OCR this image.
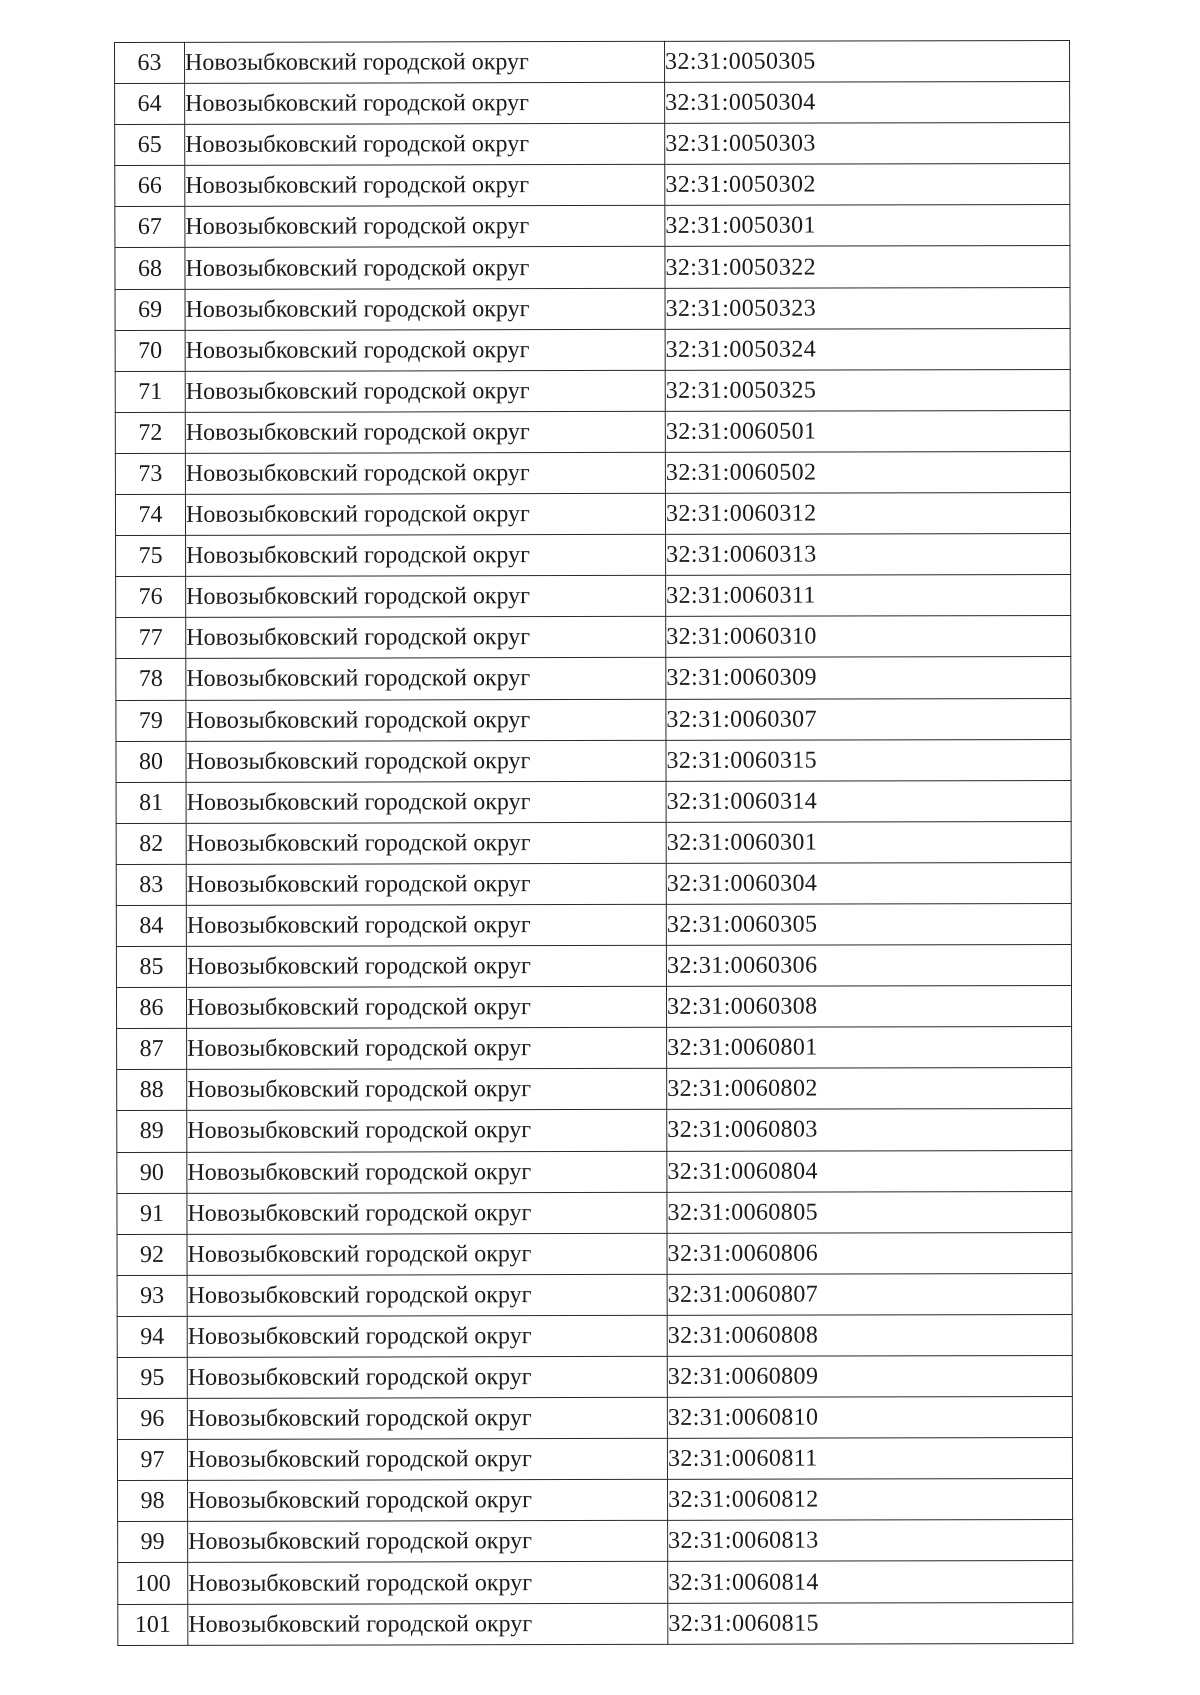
63	Новозыбковский городской округ	32:31:0050305
64	Новозыбковский городской округ	32:31:0050304
65	Новозыбковский городской округ	32:31:0050303
66	Новозыбковский городской округ	32:31:0050302
67	Новозыбковский городской округ	32:31:0050301
68	Новозыбковский городской округ	32:31:0050322
69	Новозыбковский городской округ	32:31:0050323
70	Новозыбковский городской округ	32:31:0050324
71	Новозыбковский городской округ	32:31:0050325
72	Новозыбковский городской округ	32:31:0060501
73	Новозыбковский городской округ	32:31:0060502
74	Новозыбковский городской округ	32:31:0060312
75	Новозыбковский городской округ	32:31:0060313
76	Новозыбковский городской округ	32:31:0060311
77	Новозыбковский городской округ	32:31:0060310
78	Новозыбковский городской округ	32:31:0060309
79	Новозыбковский городской округ	32:31:0060307
80	Новозыбковский городской округ	32:31:0060315
81	Новозыбковский городской округ	32:31:0060314
82	Новозыбковский городской округ	32:31:0060301
83	Новозыбковский городской округ	32:31:0060304
84	Новозыбковский городской округ	32:31:0060305
85	Новозыбковский городской округ	32:31:0060306
86	Новозыбковский городской округ	32:31:0060308
87	Новозыбковский городской округ	32:31:0060801
88	Новозыбковский городской округ	32:31:0060802
89	Новозыбковский городской округ	32:31:0060803
90	Новозыбковский городской округ	32:31:0060804
91	Новозыбковский городской округ	32:31:0060805
92	Новозыбковский городской округ	32:31:0060806
93	Новозыбковский городской округ	32:31:0060807
94	Новозыбковский городской округ	32:31:0060808
95	Новозыбковский городской округ	32:31:0060809
96	Новозыбковский городской округ	32:31:0060810
97	Новозыбковский городской округ	32:31:0060811
98	Новозыбковский городской округ	32:31:0060812
99	Новозыбковский городской округ	32:31:0060813
100	Новозыбковский городской округ	32:31:0060814
101	Новозыбковский городской округ	32:31:0060815
